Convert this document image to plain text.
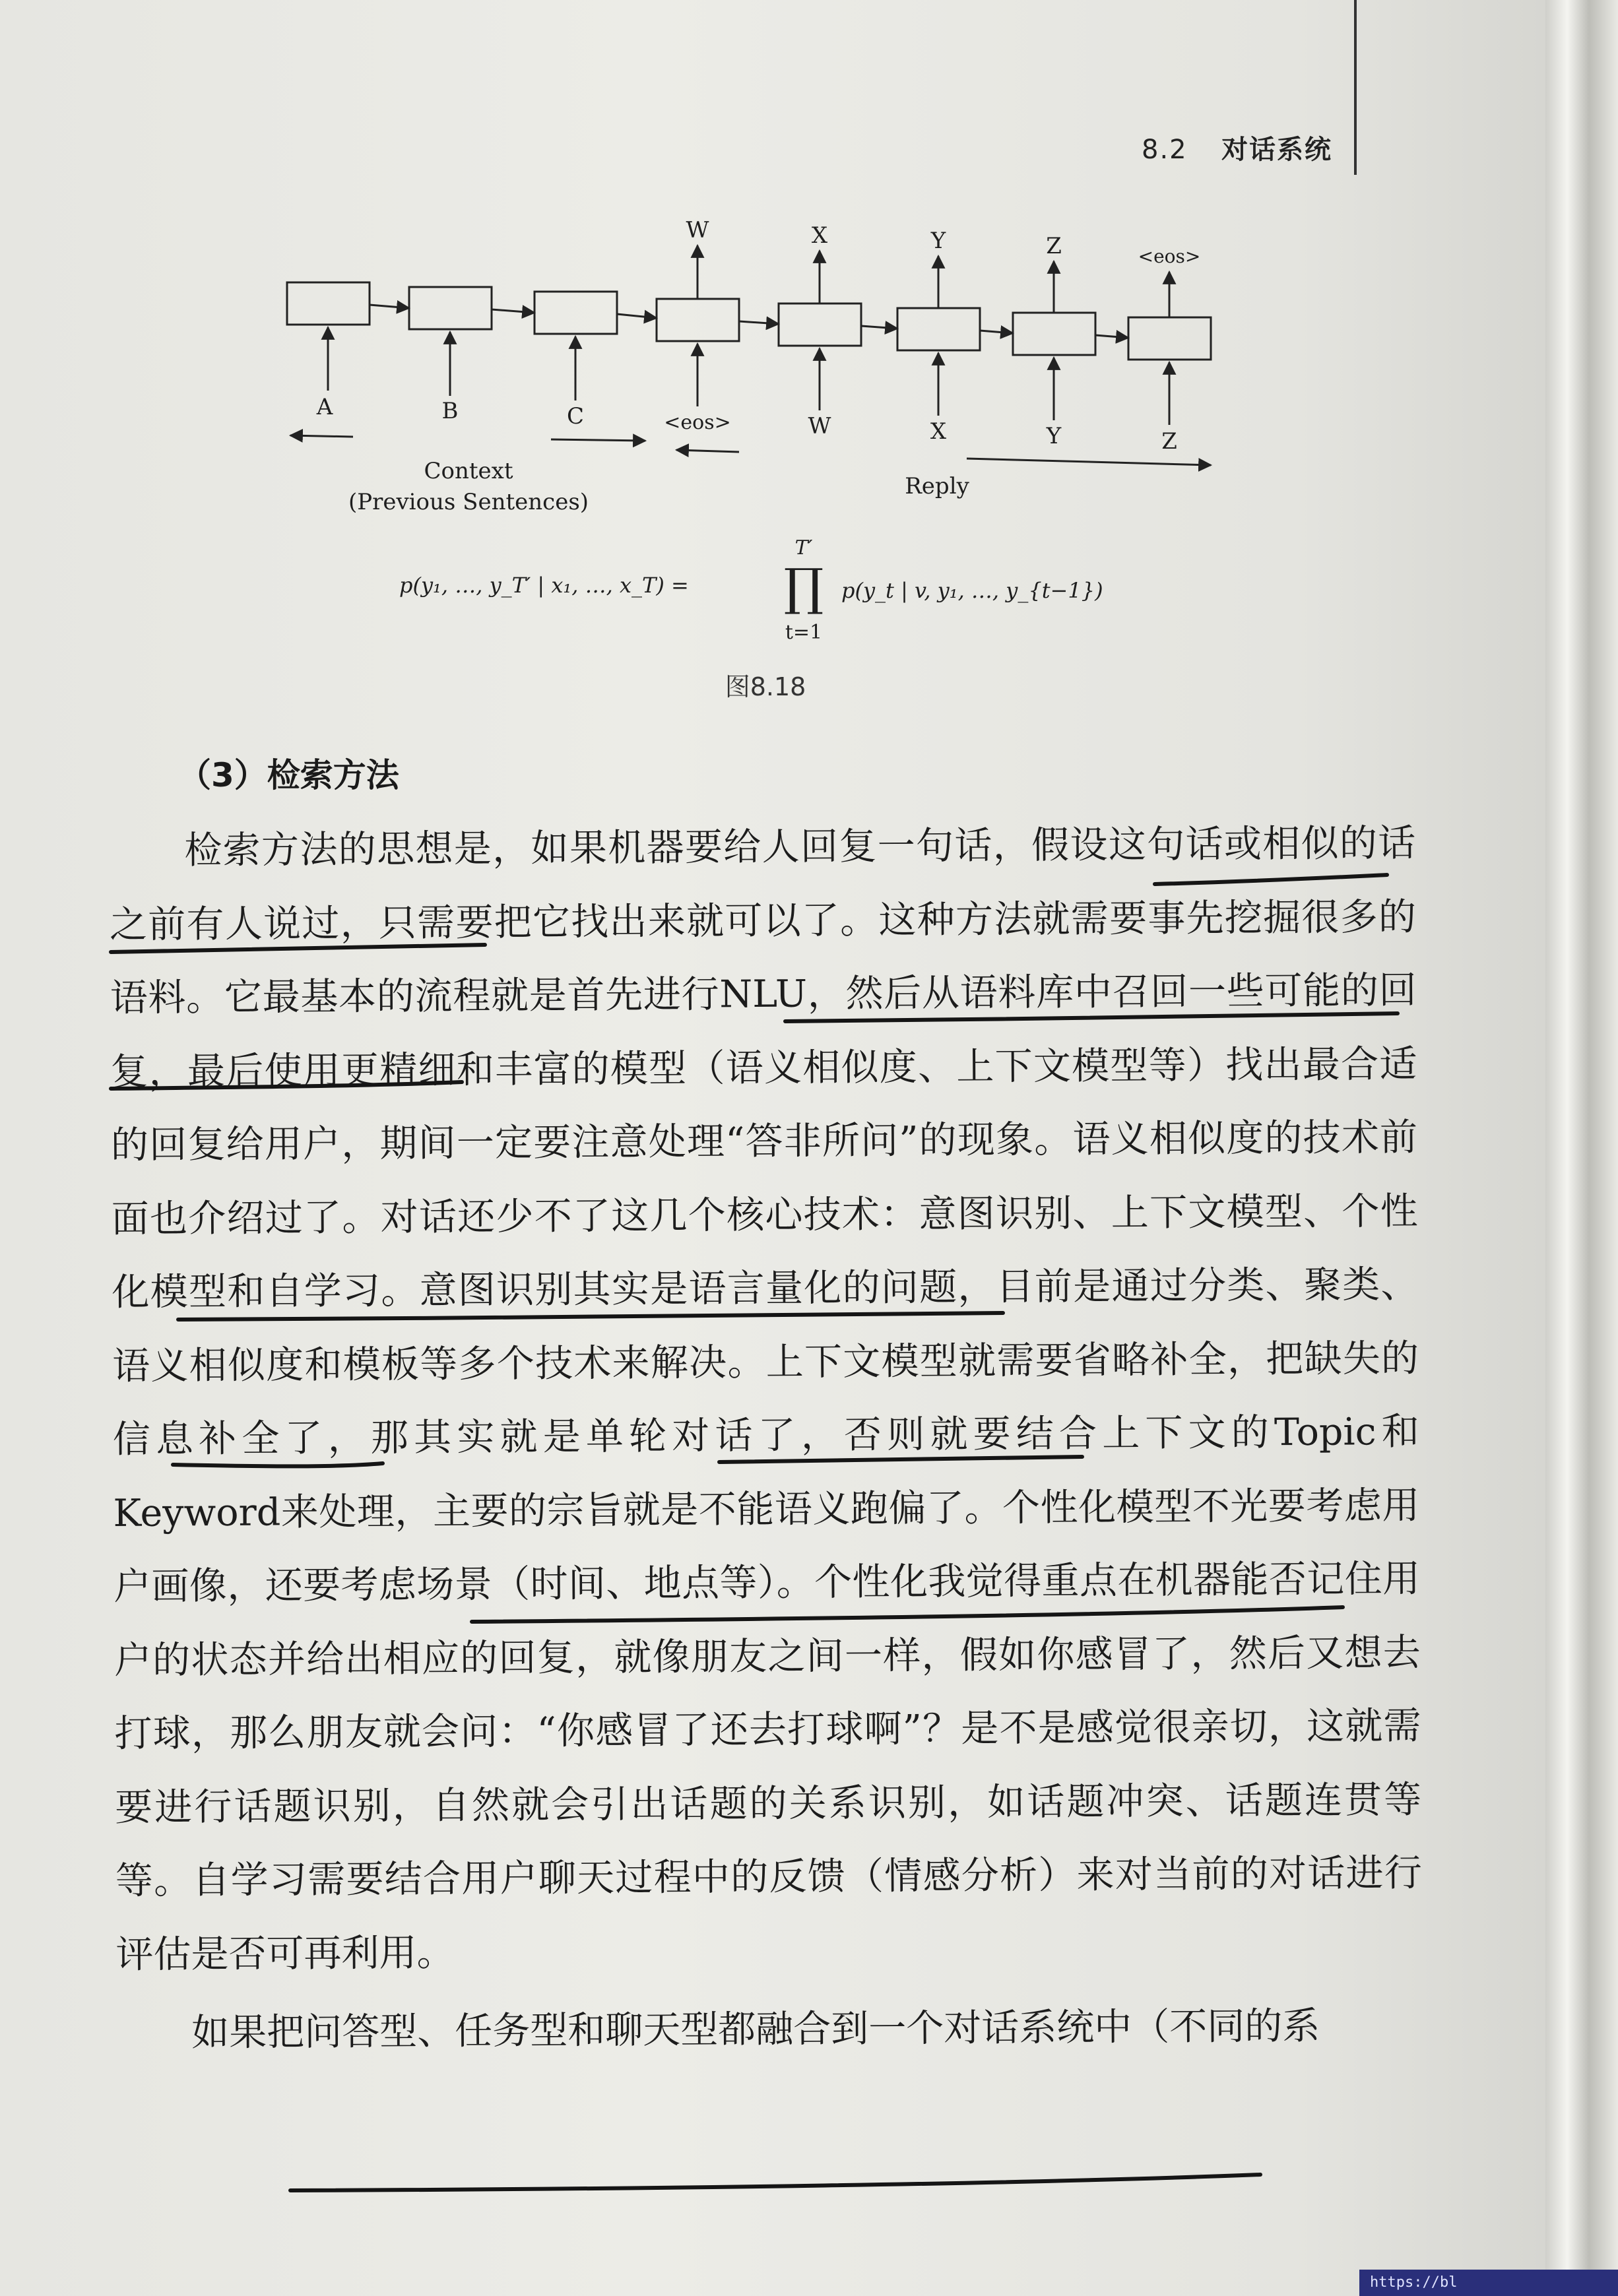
8.2 对话系统
A	B	C	<eos>	W	X	Y	Z
W	X	Y	Z	<eos>
Context
(Previous Sentences)
Reply
p(y₁, …, y_T′ | x₁, …, x_T) =
T′
∏
t=1
p(y_t | v, y₁, …, y_{t−1})
图8.18
（3）检索方法

检索方法的思想是，如果机器要给人回复一句话，假设这句话或相似的话之前有人说过，只需要把它找出来就可以了。这种方法就需要事先挖掘很多的语料。它最基本的流程就是首先进行NLU，然后从语料库中召回一些可能的回复，最后使用更精细和丰富的模型（语义相似度、上下文模型等）找出最合适的回复给用户，期间一定要注意处理“答非所问”的现象。语义相似度的技术前面也介绍过了。对话还少不了这几个核心技术：意图识别、上下文模型、个性化模型和自学习。意图识别其实是语言量化的问题，目前是通过分类、聚类、语义相似度和模板等多个技术来解决。上下文模型就需要省略补全，把缺失的信息补全了，那其实就是单轮对话了，否则就要结合上下文的Topic和Keyword来处理，主要的宗旨就是不能语义跑偏了。个性化模型不光要考虑用户画像，还要考虑场景（时间、地点等）。个性化我觉得重点在机器能否记住用户的状态并给出相应的回复，就像朋友之间一样，假如你感冒了，然后又想去打球，那么朋友就会问：“你感冒了还去打球啊”？是不是感觉很亲切，这就需要进行话题识别，自然就会引出话题的关系识别，如话题冲突、话题连贯等等。自学习需要结合用户聊天过程中的反馈（情感分析）来对当前的对话进行评估是否可再利用。

如果把问答型、任务型和聊天型都融合到一个对话系统中（不同的系

https://bl
